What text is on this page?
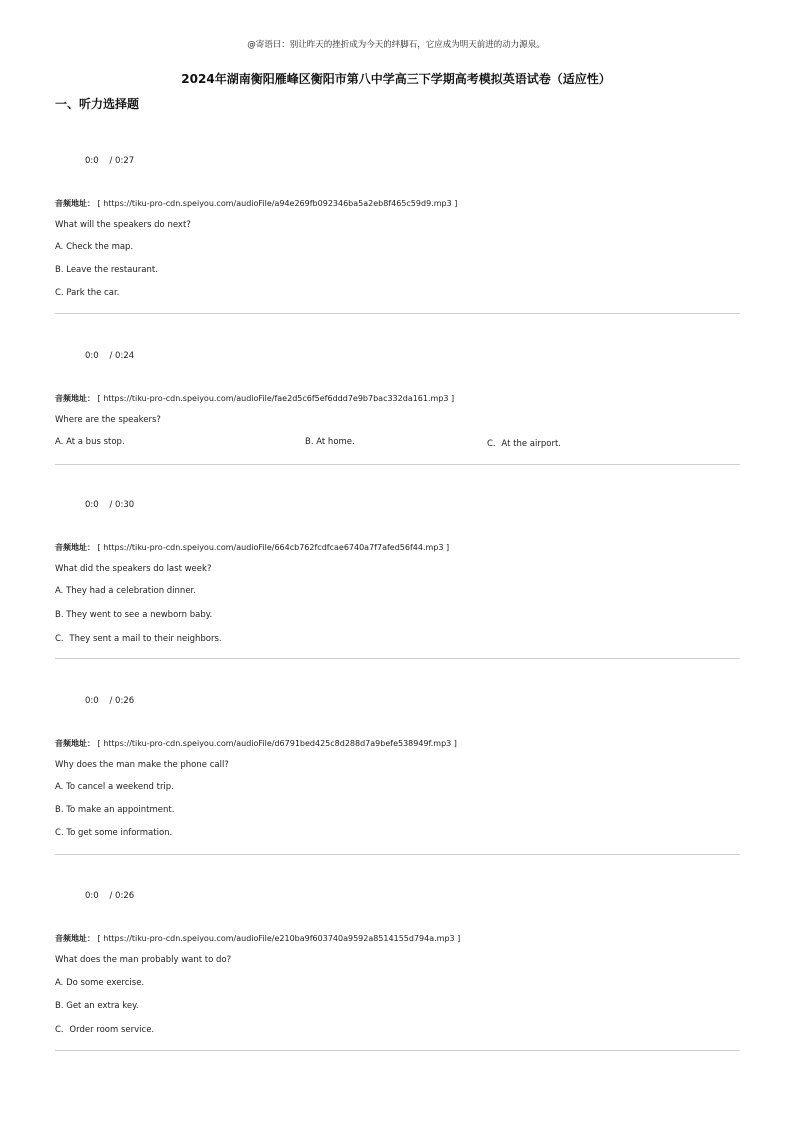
@寄语曰：别让昨天的挫折成为今天的绊脚石，它应成为明天前进的动力源泉。
2024年湖南衡阳雁峰区衡阳市第八中学高三下学期高考模拟英语试卷（适应性）
一、听力选择题
0:0    / 0:27
音频地址： [ https://tiku-pro-cdn.speiyou.com/audioFile/a94e269fb092346ba5a2eb8f465c59d9.mp3 ]
What will the speakers do next?
A. Check the map.
B. Leave the restaurant.
C. Park the car.
0:0    / 0:24
音频地址： [ https://tiku-pro-cdn.speiyou.com/audioFile/fae2d5c6f5ef6ddd7e9b7bac332da161.mp3 ]
Where are the speakers?
A. At a bus stop.	B. At home.	C．At the airport.
0:0    / 0:30
音频地址： [ https://tiku-pro-cdn.speiyou.com/audioFile/664cb762fcdfcae6740a7f7afed56f44.mp3 ]
What did the speakers do last week?
A. They had a celebration dinner.
B. They went to see a newborn baby.
C．They sent a mail to their neighbors.
0:0    / 0:26
音频地址： [ https://tiku-pro-cdn.speiyou.com/audioFile/d6791bed425c8d288d7a9befe538949f.mp3 ]
Why does the man make the phone call?
A. To cancel a weekend trip.
B. To make an appointment.
C. To get some information.
0:0    / 0:26
音频地址： [ https://tiku-pro-cdn.speiyou.com/audioFile/e210ba9f603740a9592a8514155d794a.mp3 ]
What does the man probably want to do?
A. Do some exercise.
B. Get an extra key.
C．Order room service.
